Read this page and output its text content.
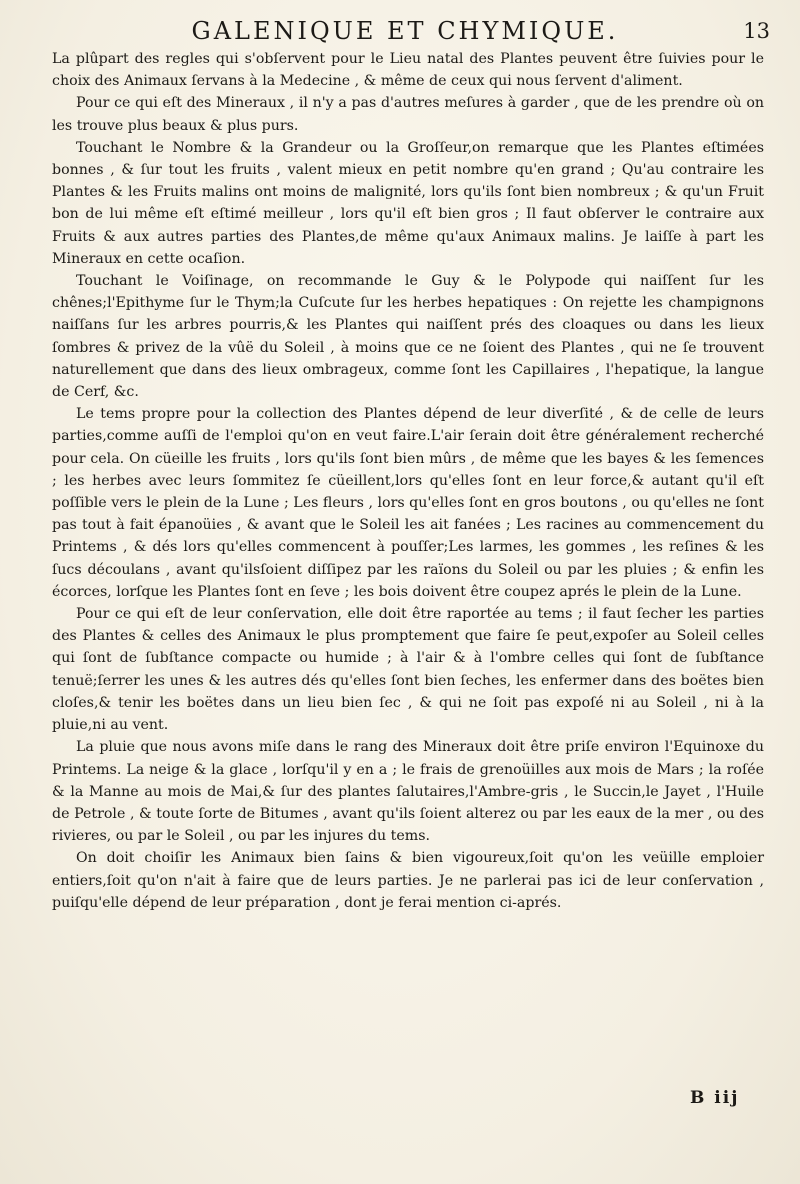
GALENIQUE ET CHYMIQUE.	13

La plûpart des regles qui s'obſervent pour le Lieu natal des Plantes peuvent être ſuivies pour le choix des Animaux ſervans à la Medecine , & même de ceux qui nous ſervent d'aliment.

Pour ce qui eſt des Mineraux , il n'y a pas d'autres meſures à garder , que de les prendre où on les trouve plus beaux & plus purs.

Touchant le Nombre & la Grandeur ou la Groſſeur,on remarque que les Plantes eſtimées bonnes , & ſur tout les fruits , valent mieux en petit nombre qu'en grand ; Qu'au contraire les Plantes & les Fruits malins ont moins de malignité, lors qu'ils ſont bien nombreux ; & qu'un Fruit bon de lui même eſt eſtimé meilleur , lors qu'il eſt bien gros ; Il faut obſerver le contraire aux Fruits & aux autres parties des Plantes,de même qu'aux Animaux malins. Je laiſſe à part les Mineraux en cette ocaſion.

Touchant le Voiſinage, on recommande le Guy & le Polypode qui naiſſent ſur les chênes;l'Epithyme ſur le Thym;la Cuſcute ſur les herbes hepatiques : On rejette les champignons naiſſans ſur les arbres pourris,& les Plantes qui naiſſent prés des cloaques ou dans les lieux ſombres & privez de la vûë du Soleil , à moins que ce ne ſoient des Plantes , qui ne ſe trouvent naturellement que dans des lieux ombrageux, comme ſont les Capillaires , l'hepatique, la langue de Cerf, &c.

Le tems propre pour la collection des Plantes dépend de leur diverſité , & de celle de leurs parties,comme auſſi de l'emploi qu'on en veut faire.L'air ſerain doit être généralement recherché pour cela. On cüeille les fruits , lors qu'ils ſont bien mûrs , de même que les bayes & les ſemences ; les herbes avec leurs ſommitez ſe cüeillent,lors qu'elles ſont en leur force,& autant qu'il eſt poſſible vers le plein de la Lune ; Les fleurs , lors qu'elles ſont en gros boutons , ou qu'elles ne ſont pas tout à fait épanoüies , & avant que le Soleil les ait fanées ; Les racines au commencement du Printems , & dés lors qu'elles commencent à pouſſer;Les larmes, les gommes , les reſines & les ſucs découlans , avant qu'ilsſoient diſſipez par les raïons du Soleil ou par les pluies ; & enfin les écorces, lorſque les Plantes ſont en ſeve ; les bois doivent être coupez aprés le plein de la Lune.

Pour ce qui eſt de leur conſervation, elle doit être raportée au tems ; il faut ſecher les parties des Plantes & celles des Animaux le plus promptement que faire ſe peut,expoſer au Soleil celles qui ſont de ſubſtance compacte ou humide ; à l'air & à l'ombre celles qui ſont de ſubſtance tenuë;ſerrer les unes & les autres dés qu'elles ſont bien ſeches, les enfermer dans des boëtes bien cloſes,& tenir les boëtes dans un lieu bien ſec , & qui ne ſoit pas expoſé ni au Soleil , ni à la pluie,ni au vent.

La pluie que nous avons miſe dans le rang des Mineraux doit être priſe environ l'Equinoxe du Printems. La neige & la glace , lorſqu'il y en a ; le frais de grenoüilles aux mois de Mars ; la roſée & la Manne au mois de Mai,& ſur des plantes ſalutaires,l'Ambre-gris , le Succin,le Jayet , l'Huile de Petrole , & toute ſorte de Bitumes , avant qu'ils ſoient alterez ou par les eaux de la mer , ou des rivieres, ou par le Soleil , ou par les injures du tems.

On doit choiſir les Animaux bien ſains & bien vigoureux,ſoit qu'on les veüille emploier entiers,ſoit qu'on n'ait à faire que de leurs parties. Je ne parlerai pas ici de leur conſervation , puiſqu'elle dépend de leur préparation , dont je ferai mention ci-aprés.

B iij
